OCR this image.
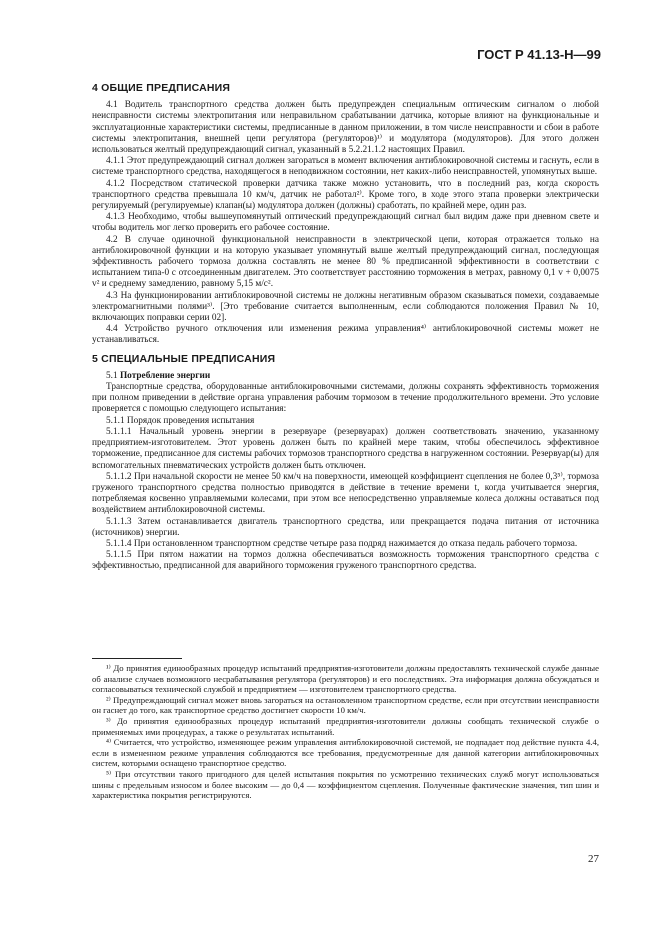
ГОСТ Р 41.13-Н—99
4 ОБЩИЕ ПРЕДПИСАНИЯ

4.1 Водитель транспортного средства должен быть предупрежден специальным оптическим сигналом о любой неисправности системы электропитания или неправильном срабатывании датчика, которые влияют на функциональные и эксплуатационные характеристики системы, предписанные в данном приложении, в том числе неисправности и сбои в работе системы электропитания, внешней цепи регулятора (регуляторов)¹⁾ и модулятора (модуляторов). Для этого должен использоваться желтый предупреждающий сигнал, указанный в 5.2.21.1.2 настоящих Правил.

4.1.1 Этот предупреждающий сигнал должен загораться в момент включения антиблокировочной системы и гаснуть, если в системе транспортного средства, находящегося в неподвижном состоянии, нет каких-либо неисправностей, упомянутых выше.

4.1.2 Посредством статической проверки датчика также можно установить, что в последний раз, когда скорость транспортного средства превышала 10 км/ч, датчик не работал²⁾. Кроме того, в ходе этого этапа проверки электрически регулируемый (регулируемые) клапан(ы) модулятора должен (должны) сработать, по крайней мере, один раз.

4.1.3 Необходимо, чтобы вышеупомянутый оптический предупреждающий сигнал был видим даже при дневном свете и чтобы водитель мог легко проверить его рабочее состояние.

4.2 В случае одиночной функциональной неисправности в электрической цепи, которая отражается только на антиблокировочной функции и на которую указывает упомянутый выше желтый предупреждающий сигнал, последующая эффективность рабочего тормоза должна составлять не менее 80 % предписанной эффективности в соответствии с испытанием типа-0 с отсоединенным двигателем. Это соответствует расстоянию торможения в метрах, равному 0,1 v + 0,0075 v² и среднему замедлению, равному 5,15 м/с².

4.3 На функционировании антиблокировочной системы не должны негативным образом сказываться помехи, создаваемые электромагнитными полями³⁾. [Это требование считается выполненным, если соблюдаются положения Правил № 10, включающих поправки серии 02].

4.4 Устройство ручного отключения или изменения режима управления⁴⁾ антиблокировочной системы может не устанавливаться.

5 СПЕЦИАЛЬНЫЕ ПРЕДПИСАНИЯ

5.1 Потребление энергии

Транспортные средства, оборудованные антиблокировочными системами, должны сохранять эффективность торможения при полном приведении в действие органа управления рабочим тормозом в течение продолжительного времени. Это условие проверяется с помощью следующего испытания:

5.1.1 Порядок проведения испытания

5.1.1.1 Начальный уровень энергии в резервуаре (резервуарах) должен соответствовать значению, указанному предприятием-изготовителем. Этот уровень должен быть по крайней мере таким, чтобы обеспечилось эффективное торможение, предписанное для системы рабочих тормозов транспортного средства в нагруженном состоянии. Резервуар(ы) для вспомогательных пневматических устройств должен быть отключен.

5.1.1.2 При начальной скорости не менее 50 км/ч на поверхности, имеющей коэффициент сцепления не более 0,3⁵⁾, тормоза груженого транспортного средства полностью приводятся в действие в течение времени t, когда учитывается энергия, потребляемая косвенно управляемыми колесами, при этом все непосредственно управляемые колеса должны оставаться под воздействием антиблокировочной системы.

5.1.1.3 Затем останавливается двигатель транспортного средства, или прекращается подача питания от источника (источников) энергии.

5.1.1.4 При остановленном транспортном средстве четыре раза подряд нажимается до отказа педаль рабочего тормоза.

5.1.1.5 При пятом нажатии на тормоз должна обеспечиваться возможность торможения транспортного средства с эффективностью, предписанной для аварийного торможения груженого транспортного средства.

¹⁾ До принятия единообразных процедур испытаний предприятия-изготовители должны предоставлять технической службе данные об анализе случаев возможного несрабатывания регулятора (регуляторов) и его последствиях. Эта информация должна обсуждаться и согласовываться технической службой и предприятием — изготовителем транспортного средства.

²⁾ Предупреждающий сигнал может вновь загораться на остановленном транспортном средстве, если при отсутствии неисправности он гаснет до того, как транспортное средство достигнет скорости 10 км/ч.

³⁾ До принятия единообразных процедур испытаний предприятия-изготовители должны сообщать технической службе о применяемых ими процедурах, а также о результатах испытаний.

⁴⁾ Считается, что устройство, изменяющее режим управления антиблокировочной системой, не подпадает под действие пункта 4.4, если в измененном режиме управления соблюдаются все требования, предусмотренные для данной категории антиблокировочных систем, которыми оснащено транспортное средство.

⁵⁾ При отсутствии такого пригодного для целей испытания покрытия по усмотрению технических служб могут использоваться шины с предельным износом и более высоким — до 0,4 — коэффициентом сцепления. Полученные фактические значения, тип шин и характеристика покрытия регистрируются.

27
